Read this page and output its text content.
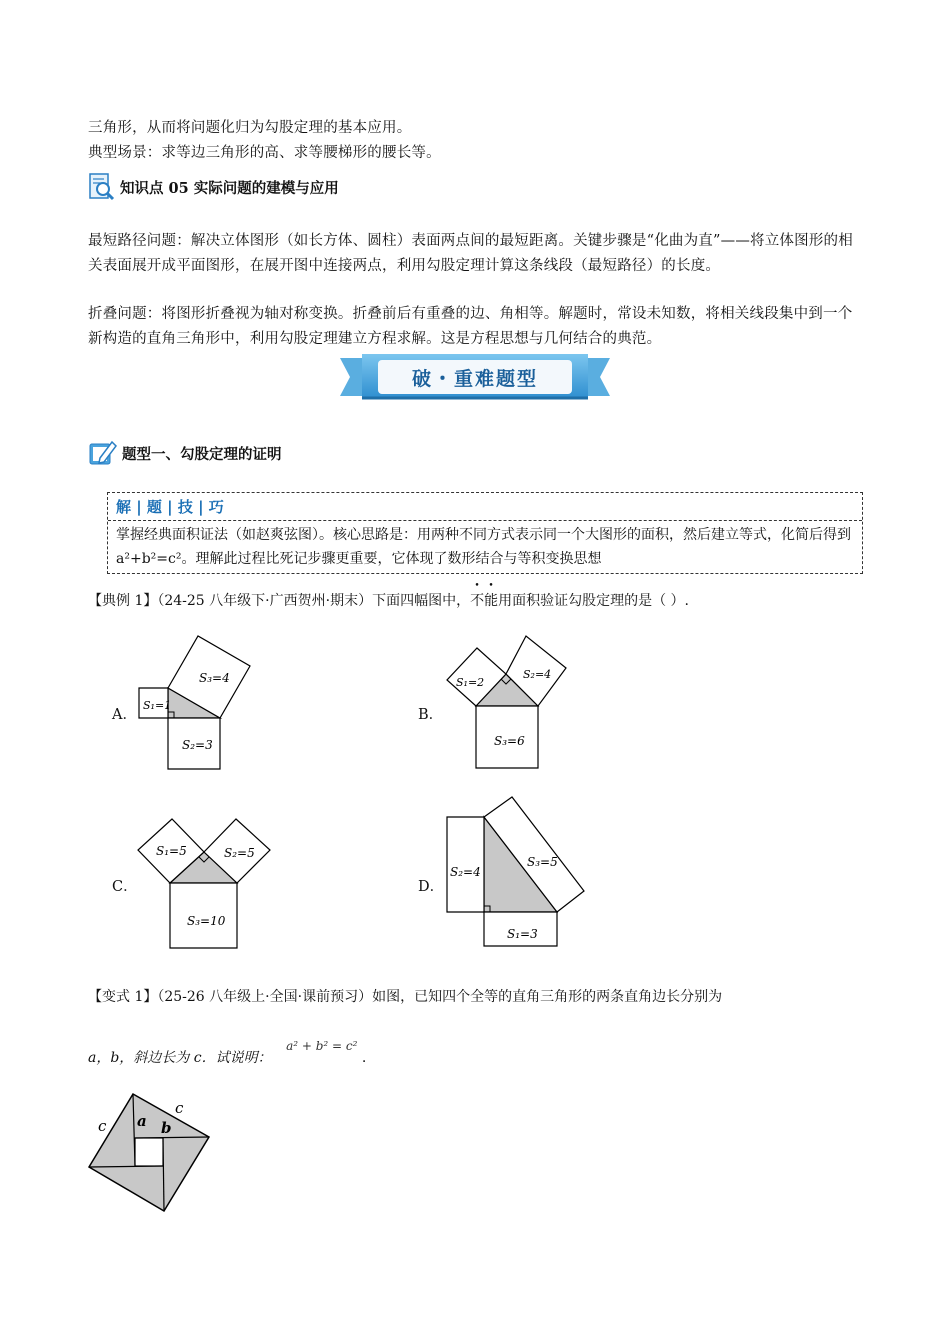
三角形，从而将问题化归为勾股定理的基本应用。

典型场景：求等边三角形的高、求等腰梯形的腰长等。

知识点 05 实际问题的建模与应用

最短路径问题：解决立体图形（如长方体、圆柱）表面两点间的最短距离。关键步骤是“化曲为直”——将立体图形的相关表面展开成平面图形，在展开图中连接两点，利用勾股定理计算这条线段（最短路径）的长度。

折叠问题：将图形折叠视为轴对称变换。折叠前后有重叠的边、角相等。解题时，常设未知数，将相关线段集中到一个新构造的直角三角形中，利用勾股定理建立方程求解。这是方程思想与几何结合的典范。

破・重难题型
题型一、勾股定理的证明
解 | 题 | 技 | 巧
掌握经典面积证法（如赵爽弦图）。核心思路是：用两种不同方式表示同一个大图形的面积，然后建立等式，化简后得到 a²+b²=c²。理解此过程比死记步骤更重要，它体现了数形结合与等积变换思想
【典例 1】（24-25 八年级下·广西贺州·期末）下面四幅图中，不能用面积验证勾股定理的是（ ）.
A．
S₁=1
S₂=3
S₃=4
B．
S₁=2
S₂=4
S₃=6
C．
S₁=5	S₂=5
S₃=10
D．
S₂=4
S₁=3
S₃=5
【变式 1】（25-26 八年级上·全国·课前预习）如图，已知四个全等的直角三角形的两条直角边长分别为
a，b，斜边长为 c．试说明： a² + b² = c² .
c a b
c
